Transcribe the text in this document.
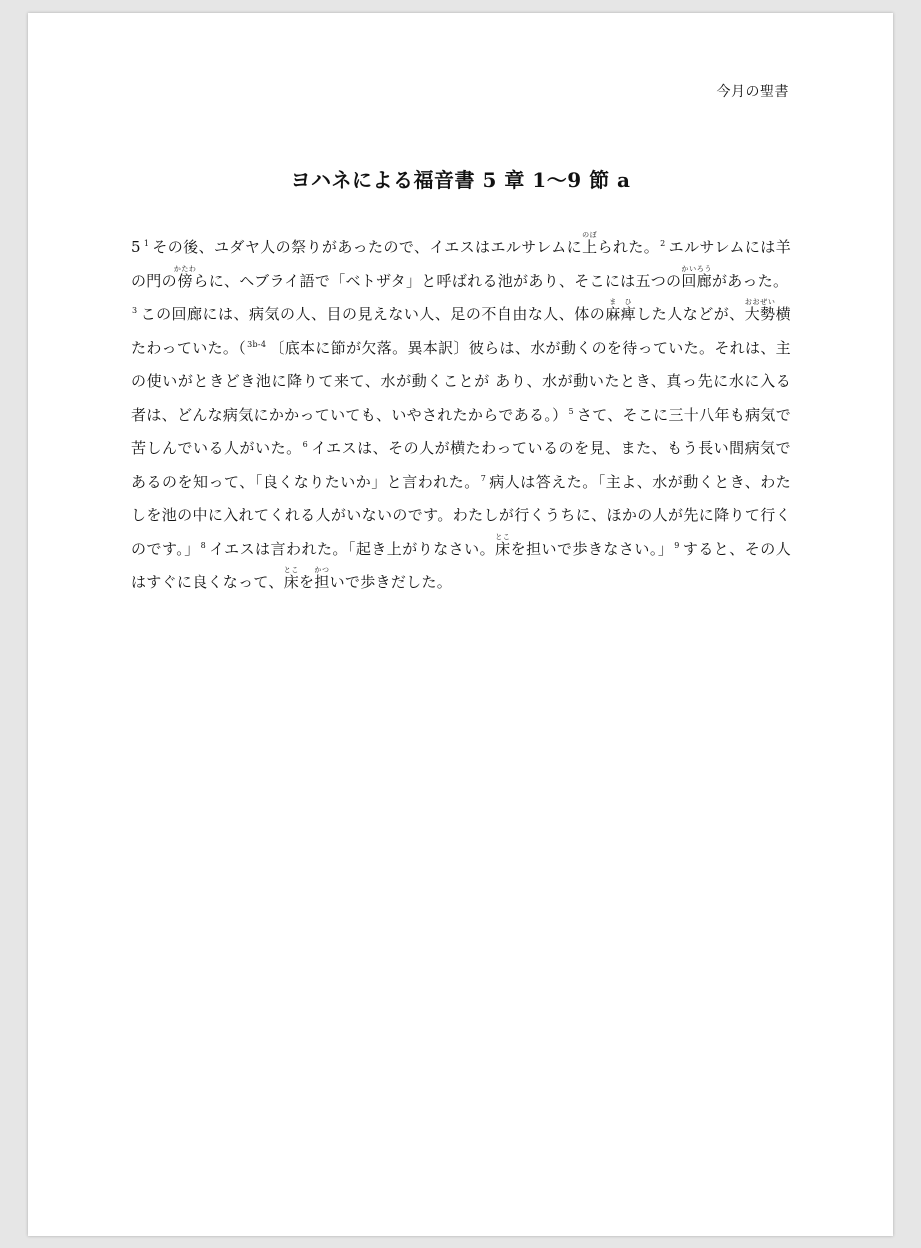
今月の聖書
ヨハネによる福音書 5 章 1〜9 節 a
5 $^1$ その後、ユダヤ人の祭りがあったので、イエスはエルサレムに上のぼられた。$^2$ エルサレムには羊の門の傍かたわらに、ヘブライ語で「ベトザタ」と呼ばれる池があり、そこには五つの回廊かいろうがあった。$^3$ この回廊には、病気の人、目の見えない人、足の不自由な人、体の麻痺まひした人などが、大勢おおぜい横たわっていた。（$^{3b-4}$ 〔底本に節が欠落。異本訳〕彼らは、水が動くのを待っていた。それは、主の使いがときどき池に降りて来て、水が動くことが あり、水が動いたとき、真っ先に水に入る者は、どんな病気にかかっていても、いやされたからである。）$^5$ さて、そこに三十八年も病気で苦しんでいる人がいた。$^6$ イエスは、その人が横たわっているのを見、また、もう長い間病気であるのを知って、「良くなりたいか」と言われた。$^7$ 病人は答えた。「主よ、水が動くとき、わたしを池の中に入れてくれる人がいないのです。わたしが行くうちに、ほかの人が先に降りて行くのです。」$^8$ イエスは言われた。「起き上がりなさい。床とこを担いで歩きなさい。」$^9$ すると、その人はすぐに良くなって、床とこを担かついで歩きだした。
